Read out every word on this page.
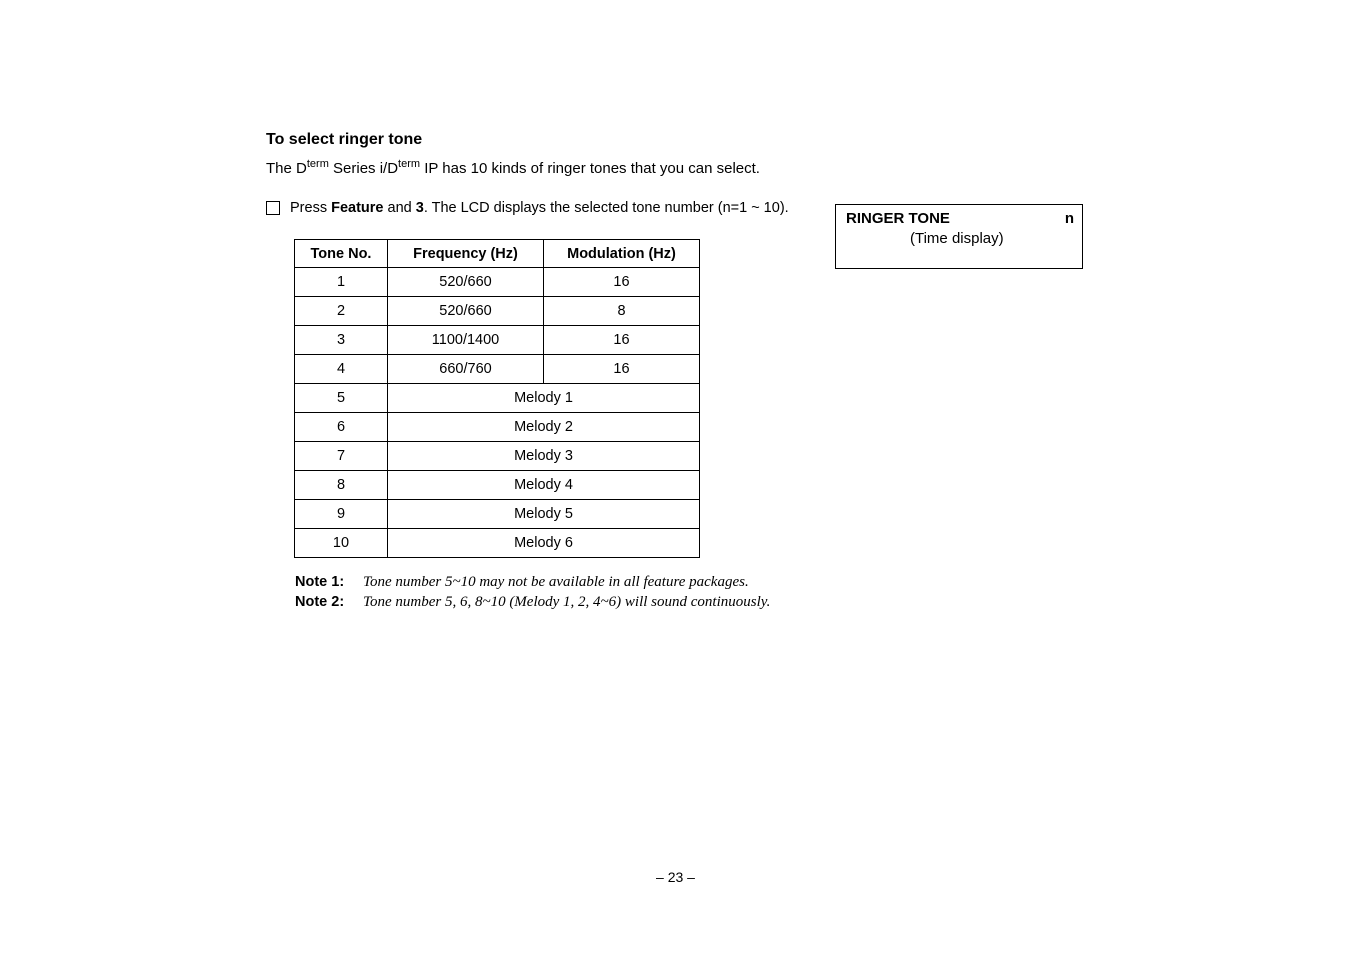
To select ringer tone
The $D^{term}$ Series $i/D^{term}$ IP has 10 kinds of ringer tones that you can select.
Press Feature and 3 . The LCD displays the selected tone number (n=1 ~ 10).
Tone No.	Frequency (Hz)	Modulation (Hz)
1	520/660	16
2	520/660	8
3	1100/1400	16
4	660/760	16
5	Melody 1	
6	Melody 2	
7	Melody 3	
8	Melody 4	
9	Melody 5	
10	Melody 6	
Note 1:	Tone number 5~10 may not be available in all feature packages.
Note 2:	Tone number 5, 6, 8~10 (Melody 1, 2, 4~6) will sound continuously.
RINGER TONE	n
(Time display)
– 23 –
